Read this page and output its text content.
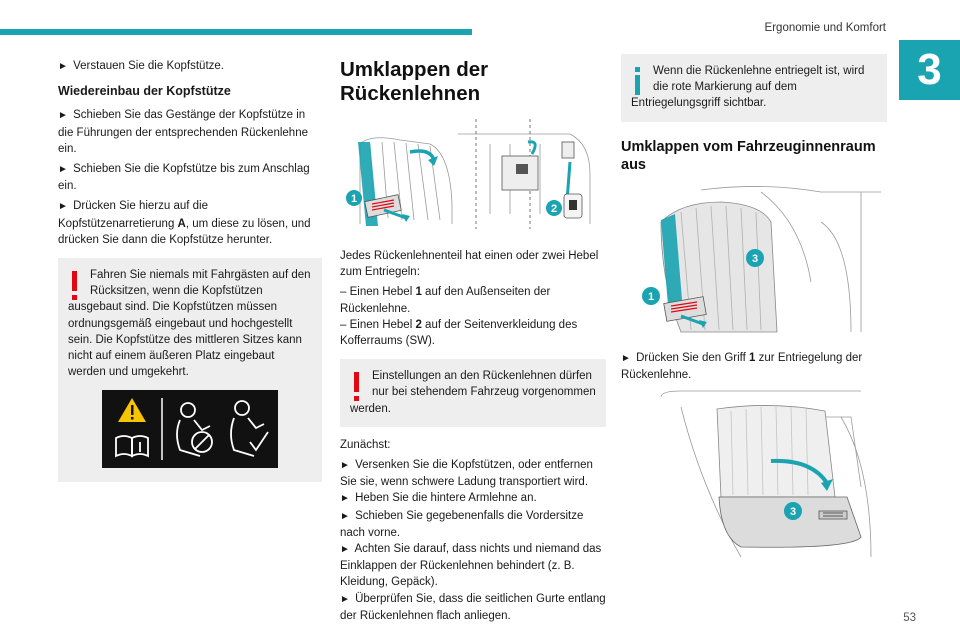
Ergonomie und Komfort
3

► Verstauen Sie die Kopfstütze.

Wiedereinbau der Kopfstütze

► Schieben Sie das Gestänge der Kopfstütze in die Führungen der entsprechenden Rückenlehne ein.

► Schieben Sie die Kopfstütze bis zum Anschlag ein.

► Drücken Sie hierzu auf die Kopfstützenarretierung A, um diese zu lösen, und drücken Sie dann die Kopfstütze herunter.

Fahren Sie niemals mit Fahrgästen auf den
Rücksitzen, wenn die Kopfstützen
ausgebaut sind. Die Kopfstützen müssen ordnungsgemäß eingebaut und hochgestellt sein. Die Kopfstütze des mittleren Sitzes kann nicht auf einem äußeren Platz eingebaut werden und umgekehrt.
Umklappen der Rückenlehnen
1
2

Jedes Rückenlehnenteil hat einen oder zwei Hebel zum Entriegeln:

– Einen Hebel 1 auf den Außenseiten der Rückenlehne.

– Einen Hebel 2 auf der Seitenverkleidung des Kofferraums (SW).

Einstellungen an den Rückenlehnen dürfen
nur bei stehendem Fahrzeug vorgenommen
werden.

Zunächst:

► Versenken Sie die Kopfstützen, oder entfernen Sie sie, wenn schwere Ladung transportiert wird.

► Heben Sie die hintere Armlehne an.

► Schieben Sie gegebenenfalls die Vordersitze nach vorne.

► Achten Sie darauf, dass nichts und niemand das Einklappen der Rückenlehnen behindert (z. B. Kleidung, Gepäck).

► Überprüfen Sie, dass die seitlichen Gurte entlang der Rückenlehnen flach anliegen.

Wenn die Rückenlehne entriegelt ist, wird
die rote Markierung auf dem
Entriegelungsgriff sichtbar.
Umklappen vom Fahrzeuginnenraum aus
3
1

► Drücken Sie den Griff 1 zur Entriegelung der Rückenlehne.

3
53
